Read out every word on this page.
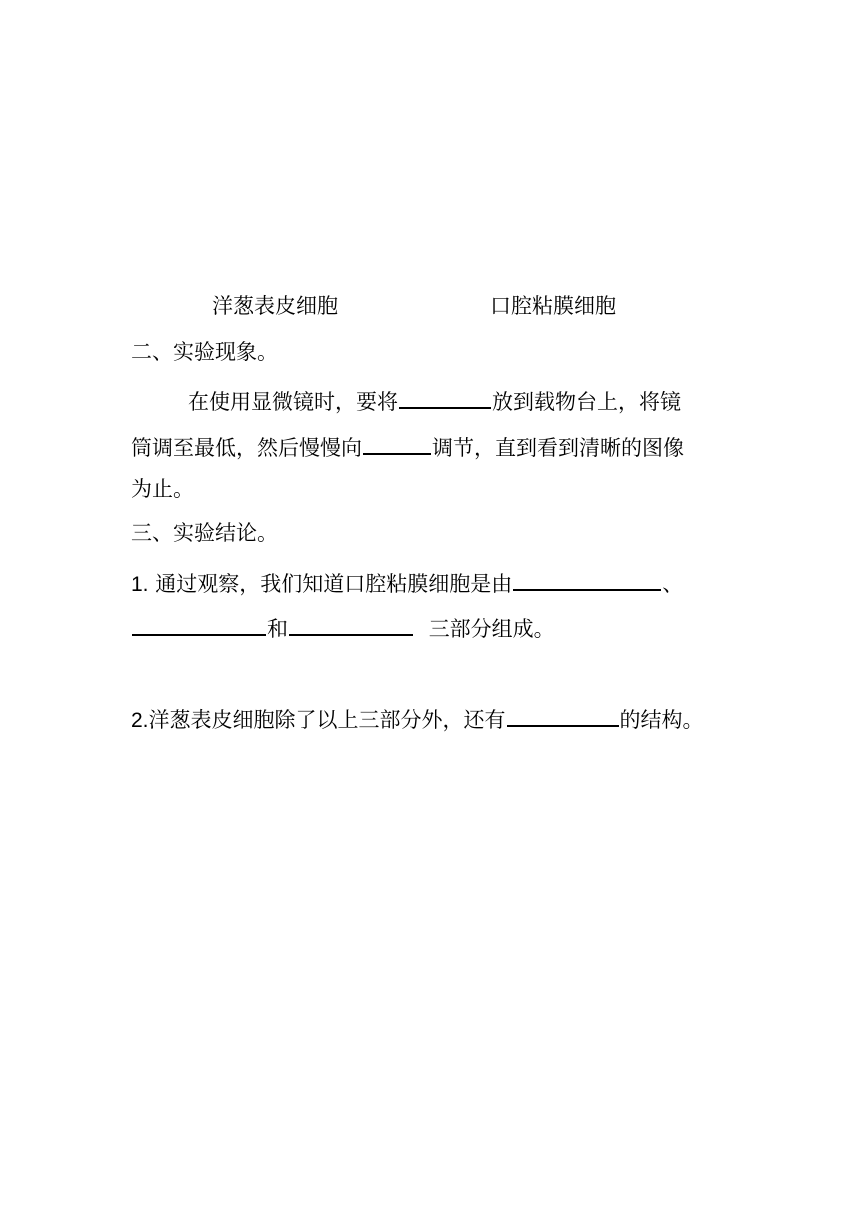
洋葱表皮细胞	口腔粘膜细胞
二、实验现象。
在使用显微镜时，要将	放到载物台上，将镜
筒调至最低，然后慢慢向	调节，直到看到清晰的图像
为止。
三、实验结论。
1. 通过观察，我们知道口腔粘膜细胞是由	、
和	三部分组成。
2.洋葱表皮细胞除了以上三部分外，还有	的结构。
